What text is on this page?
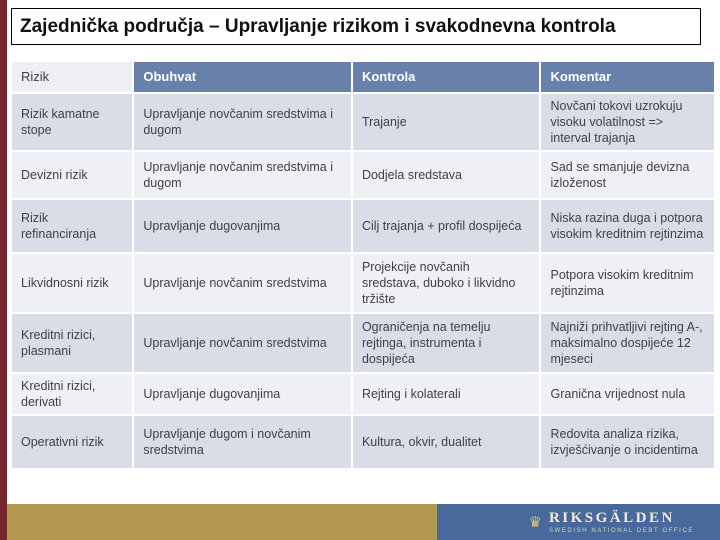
Zajednička područja – Upravljanje rizikom i svakodnevna kontrola
Rizik	Obuhvat	Kontrola	Komentar
Rizik kamatne stope	Upravljanje novčanim sredstvima i dugom	Trajanje	Novčani tokovi uzrokuju visoku volatilnost => interval trajanja
Devizni rizik	Upravljanje novčanim sredstvima i dugom	Dodjela sredstava	Sad se smanjuje devizna izloženost
Rizik refinanciranja	Upravljanje dugovanjima	Cilj trajanja + profil dospijeća	Niska razina duga i potpora visokim kreditnim rejtinzima
Likvidnosni rizik	Upravljanje novčanim sredstvima	Projekcije novčanih sredstava, duboko i likvidno tržište	Potpora visokim kreditnim rejtinzima
Kreditni rizici, plasmani	Upravljanje novčanim sredstvima	Ograničenja na temelju rejtinga, instrumenta i dospijeća	Najniži prihvatljivi rejting A-, maksimalno dospijeće 12 mjeseci
Kreditni rizici, derivati	Upravljanje dugovanjima	Rejting i kolaterali	Granična vrijednost nula
Operativni rizik	Upravljanje dugom i novčanim sredstvima	Kultura, okvir, dualitet	Redovita analiza rizika, izvješćivanje o incidentima
♛ RIKSGÄLDEN
SWEDISH NATIONAL DEBT OFFICE
